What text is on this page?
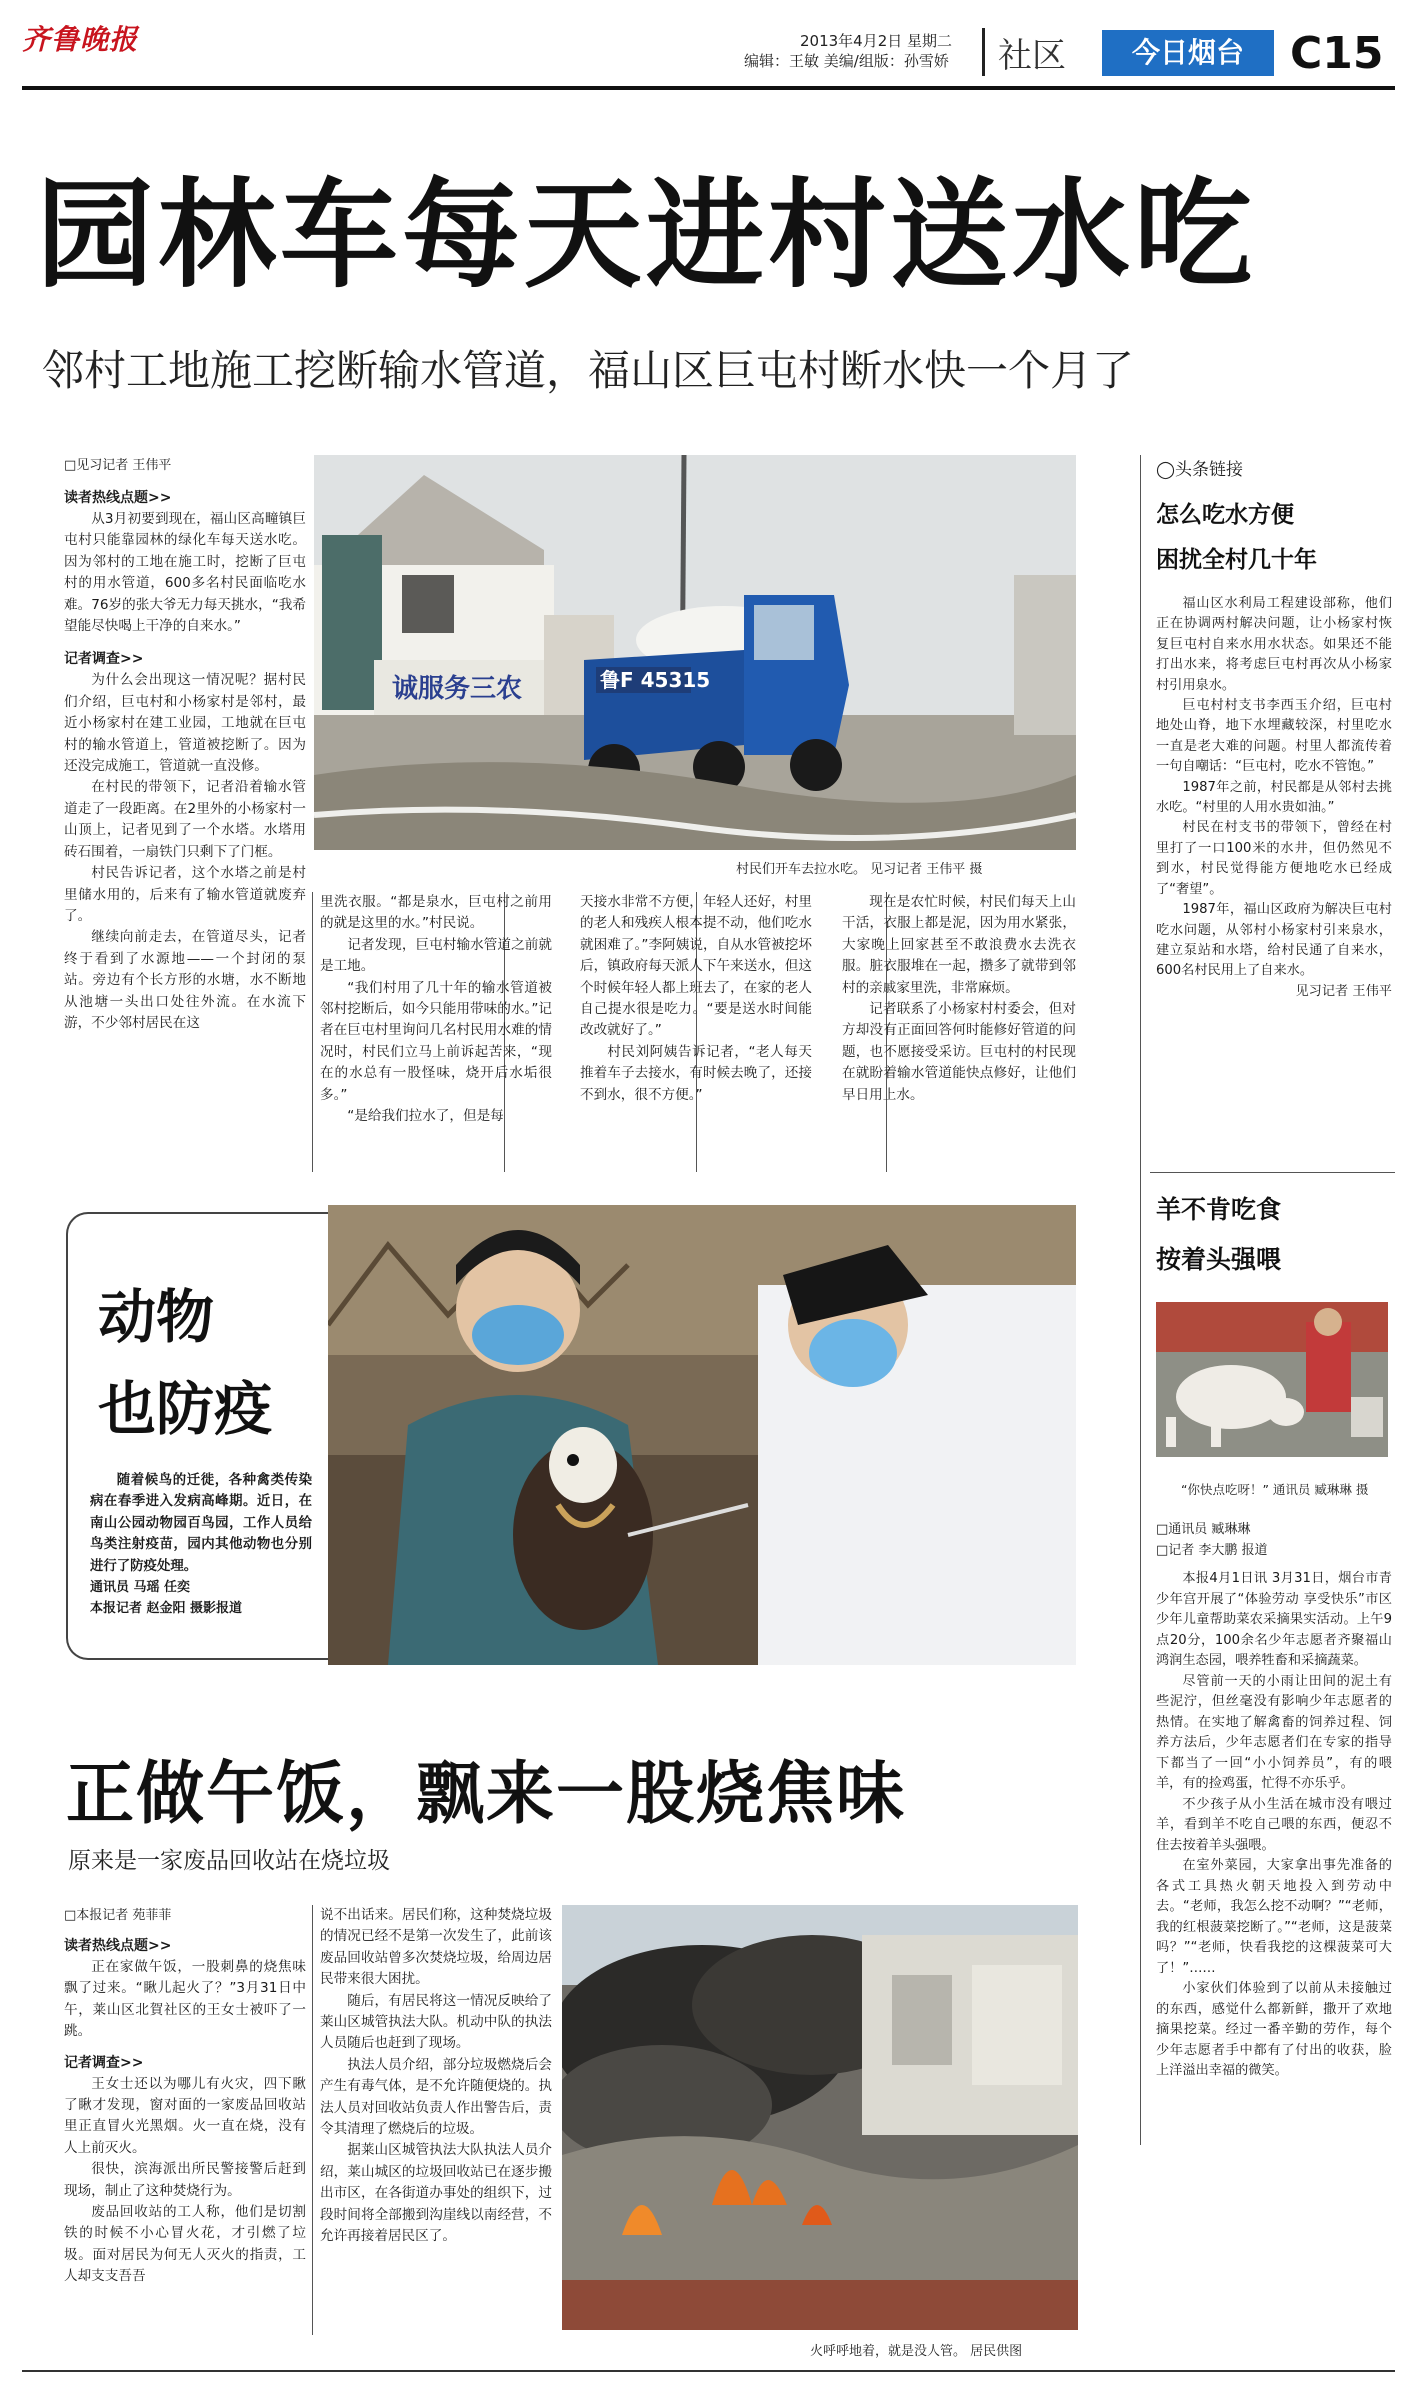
齐鲁晚报	2013年4月2日 星期二
编辑：王敏 美编/组版：孙雪娇 社区	今日烟台	C15
园林车每天进村送水吃
邻村工地施工挖断输水管道，福山区巨屯村断水快一个月了

□见习记者 王伟平

读者热线点题>>

从3月初要到现在，福山区高疃镇巨屯村只能靠园林的绿化车每天送水吃。因为邻村的工地在施工时，挖断了巨屯村的用水管道，600多名村民面临吃水难。76岁的张大爷无力每天挑水，“我希望能尽快喝上干净的自来水。”

记者调查>>

为什么会出现这一情况呢？据村民们介绍，巨屯村和小杨家村是邻村，最近小杨家村在建工业园，工地就在巨屯村的输水管道上，管道被挖断了。因为还没完成施工，管道就一直没修。

在村民的带领下，记者沿着输水管道走了一段距离。在2里外的小杨家村一山顶上，记者见到了一个水塔。水塔用砖石围着，一扇铁门只剩下了门框。

村民告诉记者，这个水塔之前是村里储水用的，后来有了输水管道就废弃了。

继续向前走去，在管道尽头，记者终于看到了水源地——一个封闭的泵站。旁边有个长方形的水塘，水不断地从池塘一头出口处往外流。在水流下游，不少邻村居民在这

诚服务三农	鲁F 45315
村民们开车去拉水吃。 见习记者 王伟平 摄

里洗衣服。“都是泉水，巨屯村之前用的就是这里的水。”村民说。

记者发现，巨屯村输水管道之前就是工地。

“我们村用了几十年的输水管道被邻村挖断后，如今只能用带味的水。”记者在巨屯村里询问几名村民用水难的情况时，村民们立马上前诉起苦来，“现在的水总有一股怪味，烧开后水垢很多。”

“是给我们拉水了，但是每

天接水非常不方便，年轻人还好，村里的老人和残疾人根本提不动，他们吃水就困难了。”李阿姨说，自从水管被挖坏后，镇政府每天派人下午来送水，但这个时候年轻人都上班去了，在家的老人自己提水很是吃力。“要是送水时间能改改就好了。”

村民刘阿姨告诉记者，“老人每天推着车子去接水，有时候去晚了，还接不到水，很不方便。”

现在是农忙时候，村民们每天上山干活，衣服上都是泥，因为用水紧张，大家晚上回家甚至不敢浪费水去洗衣服。脏衣服堆在一起，攒多了就带到邻村的亲戚家里洗，非常麻烦。

记者联系了小杨家村村委会，但对方却没有正面回答何时能修好管道的问题，也不愿接受采访。巨屯村的村民现在就盼着输水管道能快点修好，让他们早日用上水。

◯头条链接
怎么吃水方便
困扰全村几十年

福山区水利局工程建设部称，他们正在协调两村解决问题，让小杨家村恢复巨屯村自来水用水状态。如果还不能打出水来，将考虑巨屯村再次从小杨家村引用泉水。

巨屯村村支书李西玉介绍，巨屯村地处山脊，地下水埋藏较深，村里吃水一直是老大难的问题。村里人都流传着一句自嘲话：“巨屯村，吃水不管饱。”

1987年之前，村民都是从邻村去挑水吃。“村里的人用水贵如油。”

村民在村支书的带领下，曾经在村里打了一口100米的水井，但仍然见不到水，村民觉得能方便地吃水已经成了“奢望”。

1987年，福山区政府为解决巨屯村吃水问题，从邻村小杨家村引来泉水，建立泵站和水塔，给村民通了自来水，600名村民用上了自来水。

见习记者 王伟平

动物
也防疫

随着候鸟的迁徙，各种禽类传染病在春季进入发病高峰期。近日，在南山公园动物园百鸟园，工作人员给鸟类注射疫苗，园内其他动物也分别进行了防疫处理。

通讯员 马瑶 任奕

本报记者 赵金阳 摄影报道

羊不肯吃食
按着头强喂
“你快点吃呀！” 通讯员 臧琳琳 摄

□通讯员 臧琳琳

□记者 李大鹏 报道

本报4月1日讯 3月31日，烟台市青少年宫开展了“体验劳动 享受快乐”市区少年儿童帮助菜农采摘果实活动。上午9点20分，100余名少年志愿者齐聚福山鸿润生态园，喂养牲畜和采摘蔬菜。

尽管前一天的小雨让田间的泥土有些泥泞，但丝毫没有影响少年志愿者的热情。在实地了解禽畜的饲养过程、饲养方法后，少年志愿者们在专家的指导下都当了一回“小小饲养员”，有的喂羊，有的捡鸡蛋，忙得不亦乐乎。

不少孩子从小生活在城市没有喂过羊，看到羊不吃自己喂的东西，便忍不住去按着羊头强喂。

在室外菜园，大家拿出事先准备的各式工具热火朝天地投入到劳动中去。“老师，我怎么挖不动啊？”“老师，我的红根菠菜挖断了。”“老师，这是菠菜吗？”“老师，快看我挖的这棵菠菜可大了！”……

小家伙们体验到了以前从未接触过的东西，感觉什么都新鲜，撒开了欢地摘果挖菜。经过一番辛勤的劳作，每个少年志愿者手中都有了付出的收获，脸上洋溢出幸福的微笑。

正做午饭，飘来一股烧焦味
原来是一家废品回收站在烧垃圾

□本报记者 苑菲菲

读者热线点题>>

正在家做午饭，一股刺鼻的烧焦味飘了过来。“瞅儿起火了？”3月31日中午，莱山区北賀社区的王女士被吓了一跳。

记者调查>>

王女士还以为哪儿有火灾，四下瞅了瞅才发现，窗对面的一家废品回收站里正直冒火光黑烟。火一直在烧，没有人上前灭火。

很快，滨海派出所民警接警后赶到现场，制止了这种焚烧行为。

废品回收站的工人称，他们是切割铁的时候不小心冒火花，才引燃了垃圾。面对居民为何无人灭火的指责，工人却支支吾吾

说不出话来。居民们称，这种焚烧垃圾的情况已经不是第一次发生了，此前该废品回收站曾多次焚烧垃圾，给周边居民带来很大困扰。

随后，有居民将这一情况反映给了莱山区城管执法大队。机动中队的执法人员随后也赶到了现场。

执法人员介绍，部分垃圾燃烧后会产生有毒气体，是不允许随便烧的。执法人员对回收站负责人作出警告后，责令其清理了燃烧后的垃圾。

据莱山区城管执法大队执法人员介绍，莱山城区的垃圾回收站已在逐步搬出市区，在各街道办事处的组织下，过段时间将全部搬到沟崖线以南经营，不允许再接着居民区了。

火呼呼地着，就是没人管。 居民供图
